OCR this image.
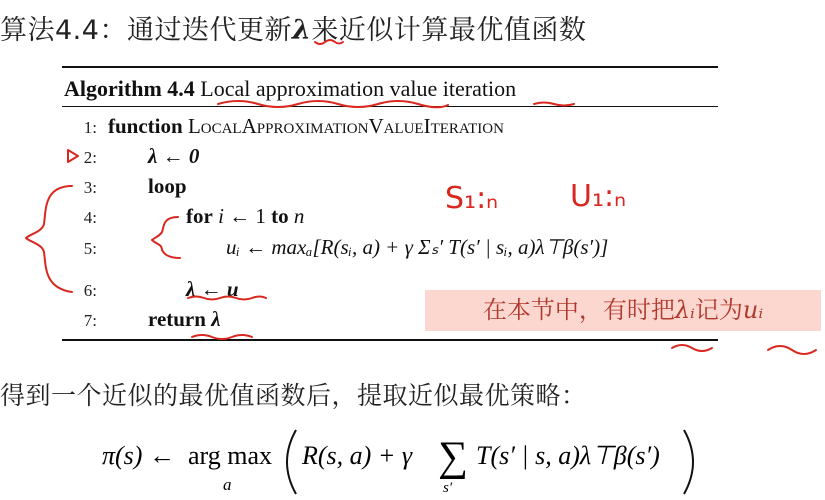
算法4.4：通过迭代更新λ来近似计算最优值函数
Algorithm 4.4 Local approximation value iteration
1: function LocalApproximationValueIteration
2: λ ← 0
3: loop
4:	for i ← 1 to n
5:	uᵢ ← maxₐ[R(sᵢ, a) + γ Σₛ′ T(s′ | sᵢ, a)λ⊤β(s′)]
6:	λ ← u
7: return λ	在本节中，有时把λᵢ记为uᵢ
得到一个近似的最优值函数后，提取近似最优策略：
π(s) ← arg max
a
R(s, a) + γ ∑
s′
T(s′ | s, a)λ⊤β(s′)
S₁:ₙ U₁:ₙ
